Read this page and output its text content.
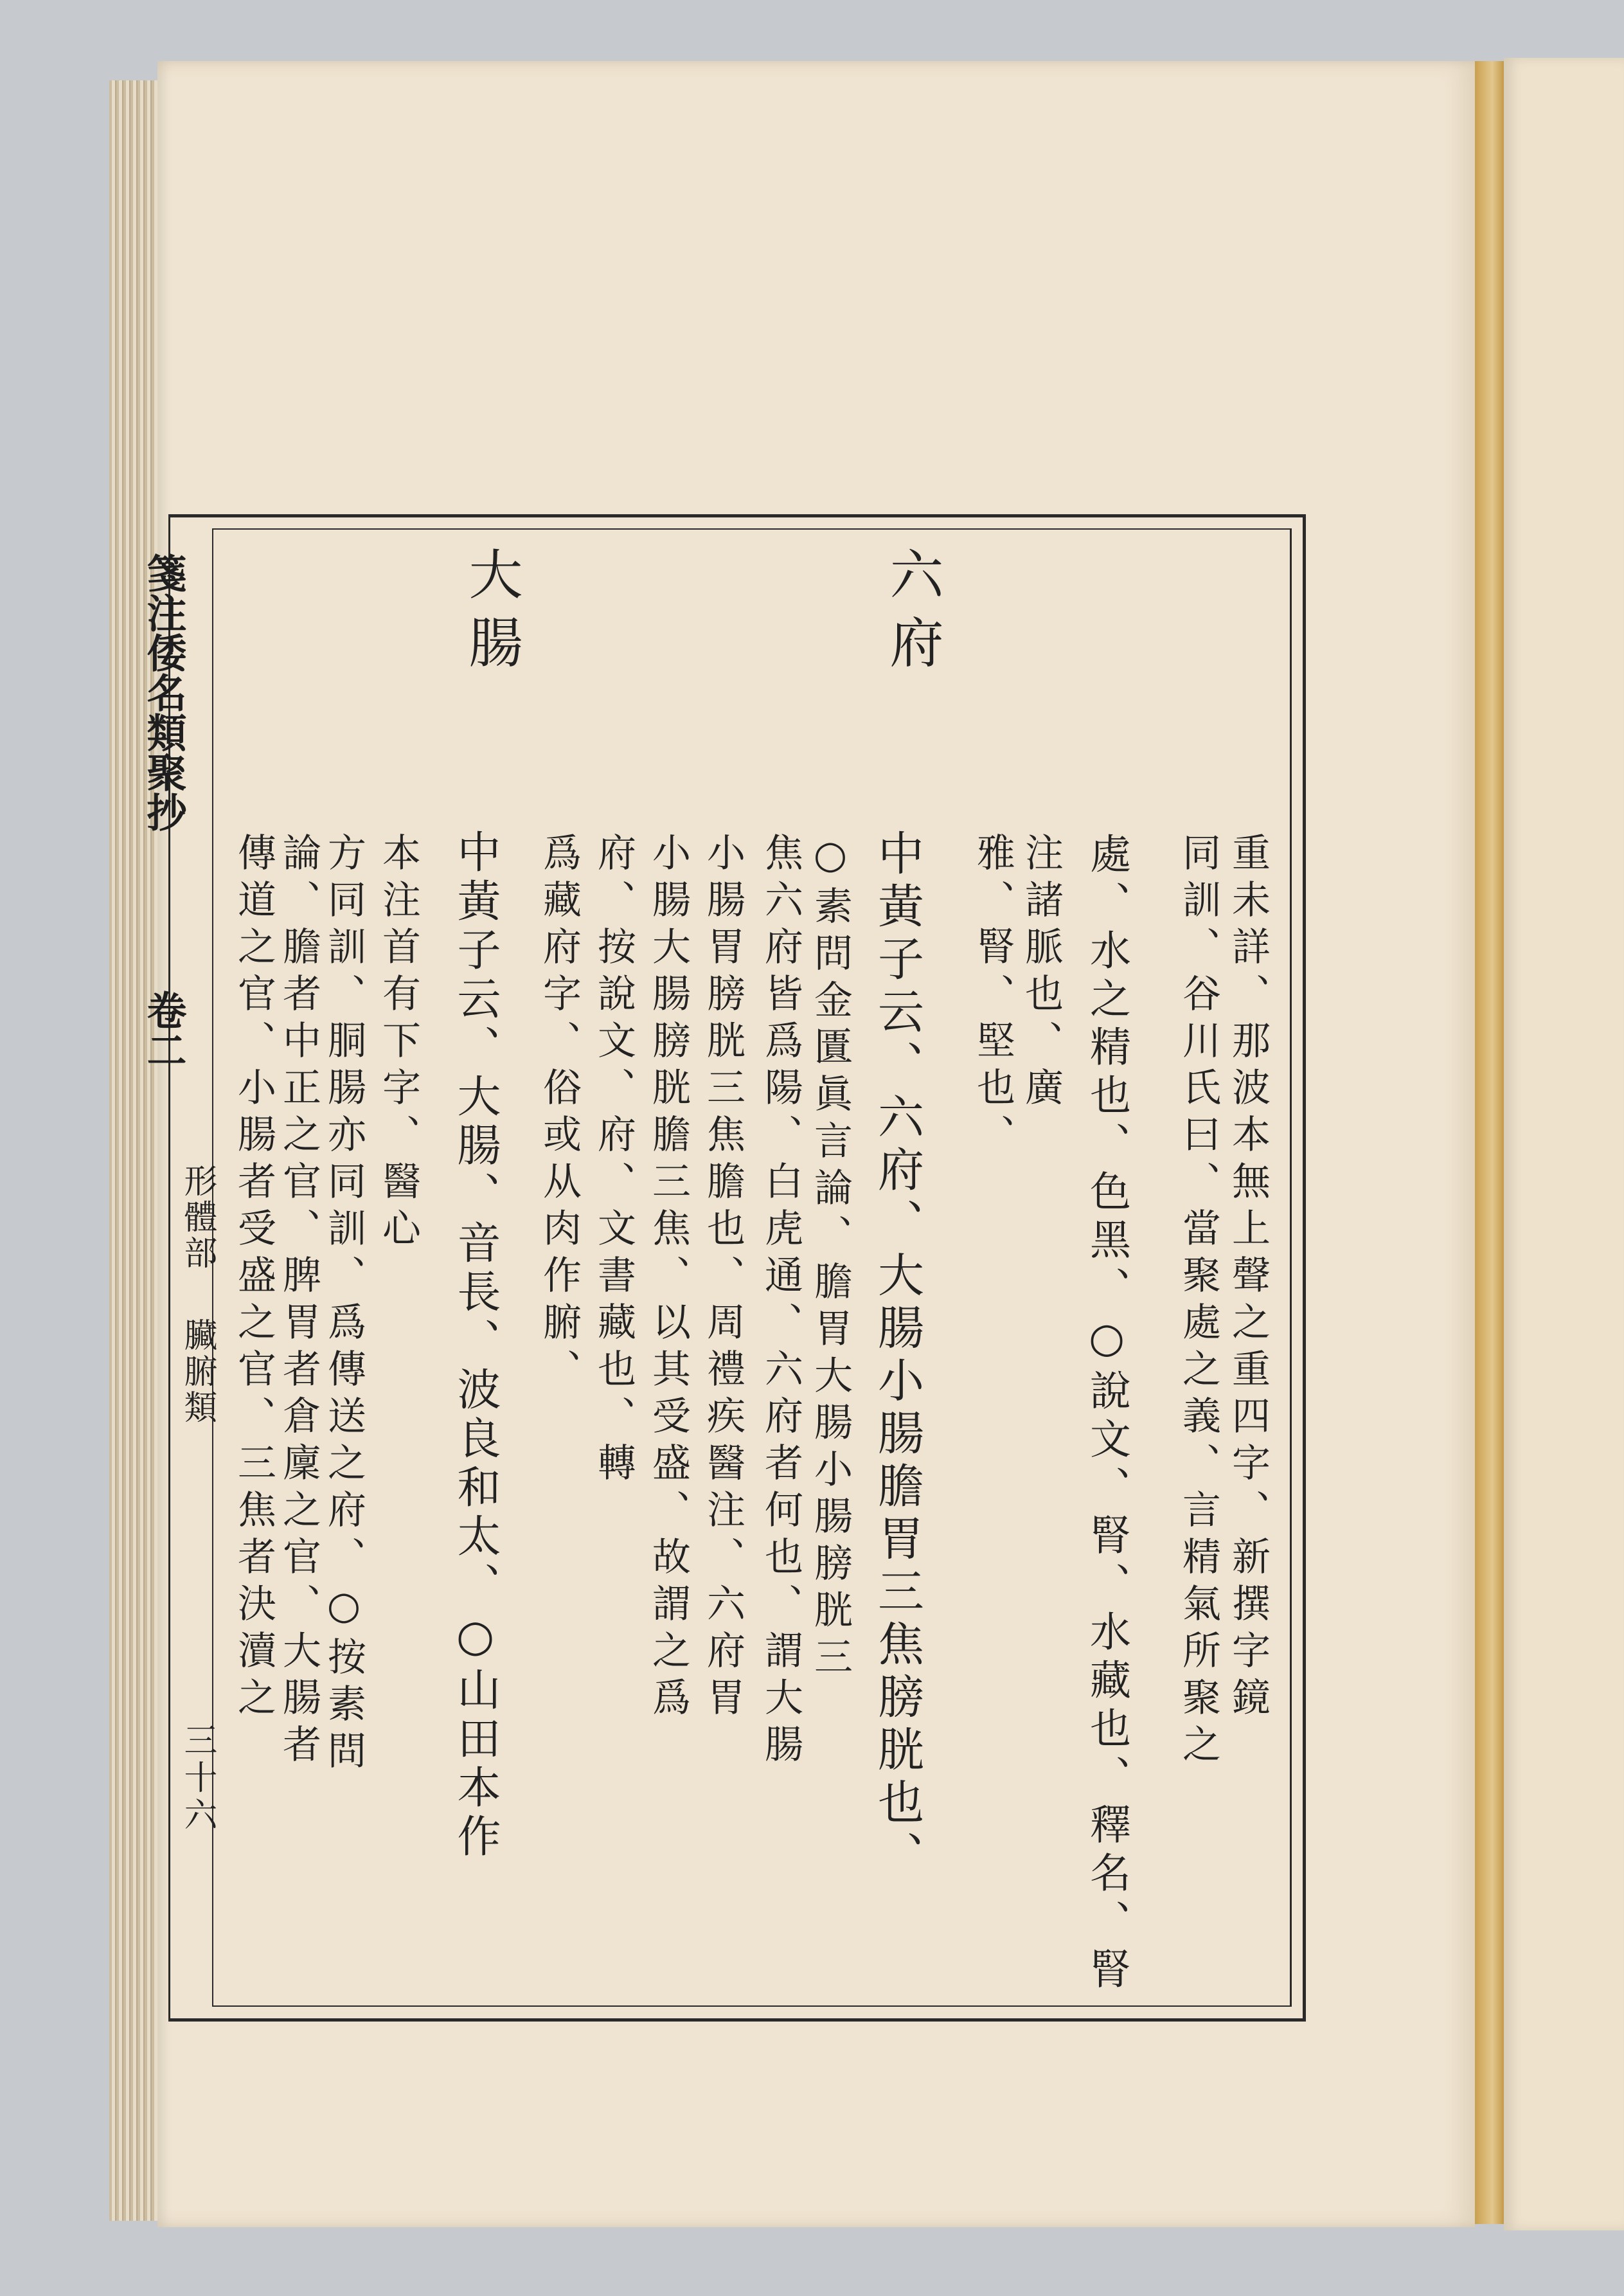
箋注倭名類聚抄
卷二
形體部
臟腑類
三十六
重未詳、那波本無上聲之重四字、新撰字鏡
同訓、谷川氏曰、當聚處之義、言精氣所聚之
處、水之精也、色黑、○說文、腎、水藏也、釋名、腎
注諸脈也、廣
雅、腎、堅也、
六府
中黃子云、六府、大腸小腸膽胃三焦膀胱也、
○素問金匱眞言論、膽胃大腸小腸膀胱三
焦六府皆爲陽、白虎通、六府者何也、謂大腸
小腸胃膀胱三焦膽也、周禮疾醫注、六府胃
小腸大腸膀胱膽三焦、以其受盛、故謂之爲
府、按說文、府、文書藏也、轉
爲藏府字、俗或从肉作腑、
大腸
中黃子云、大腸、音長、波良和太、○山田本作
本注首有下字、醫心
方同訓、胴腸亦同訓、爲傳送之府、○按素問
論、膽者中正之官、脾胃者倉廩之官、大腸者
傳道之官、小腸者受盛之官、三焦者決瀆之
